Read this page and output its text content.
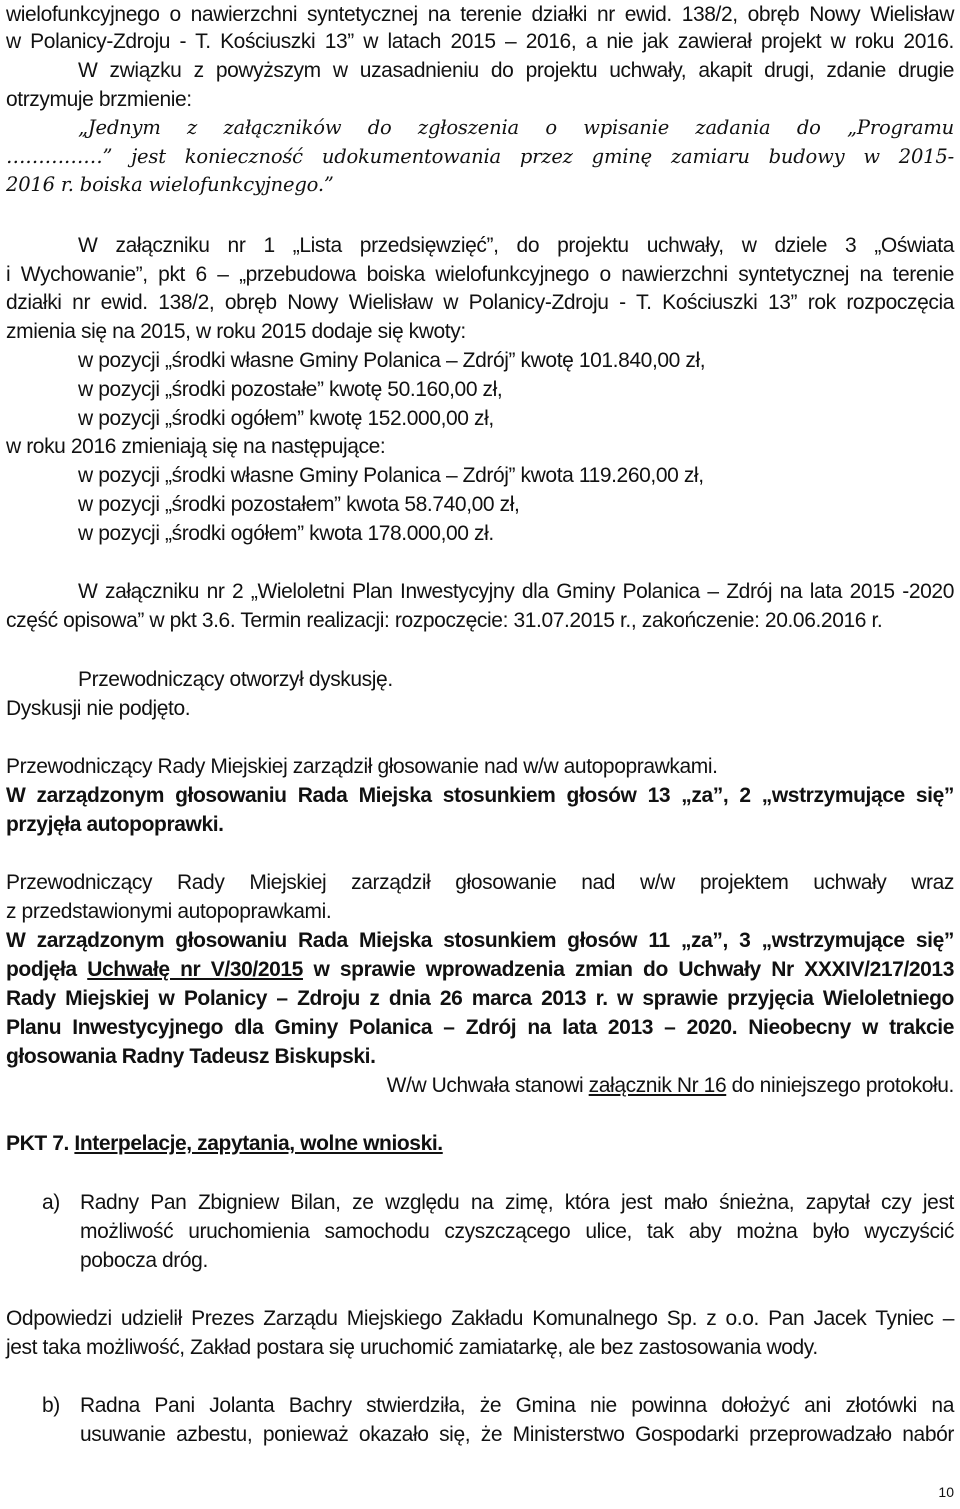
wielofunkcyjnego o nawierzchni syntetycznej na terenie działki nr ewid. 138/2, obręb Nowy Wielisław
w Polanicy-Zdroju - T. Kościuszki 13” w latach 2015 – 2016, a nie jak zawierał projekt w roku 2016.
W związku z powyższym w uzasadnieniu do projektu uchwały, akapit drugi, zdanie drugie
otrzymuje brzmienie:
„Jednym z załączników do zgłoszenia o wpisanie zadania do „Programu
……………” jest konieczność udokumentowania przez gminę zamiaru budowy w 2015-
2016 r. boiska wielofunkcyjnego.”
W załączniku nr 1 „Lista przedsięwzięć”, do projektu uchwały, w dziele 3 „Oświata
i Wychowanie”, pkt 6 – „przebudowa boiska wielofunkcyjnego o nawierzchni syntetycznej na terenie
działki nr ewid. 138/2, obręb Nowy Wielisław w Polanicy-Zdroju - T. Kościuszki 13” rok rozpoczęcia
zmienia się na 2015, w roku 2015 dodaje się kwoty:
w pozycji „środki własne Gminy Polanica – Zdrój” kwotę 101.840,00 zł,
w pozycji „środki pozostałe” kwotę 50.160,00 zł,
w pozycji „środki ogółem” kwotę 152.000,00 zł,
w roku 2016 zmieniają się na następujące:
w pozycji „środki własne Gminy Polanica – Zdrój” kwota 119.260,00 zł,
w pozycji „środki pozostałem” kwota 58.740,00 zł,
w pozycji „środki ogółem” kwota 178.000,00 zł.
W załączniku nr 2 „Wieloletni Plan Inwestycyjny dla Gminy Polanica – Zdrój na lata 2015 -2020
część opisowa” w pkt 3.6. Termin realizacji: rozpoczęcie: 31.07.2015 r., zakończenie: 20.06.2016 r.
Przewodniczący otworzył dyskusję.
Dyskusji nie podjęto.
Przewodniczący Rady Miejskiej zarządził głosowanie nad w/w autopoprawkami.
W zarządzonym głosowaniu Rada Miejska stosunkiem głosów 13 „za”, 2 „wstrzymujące się”
przyjęła autopoprawki.
Przewodniczący Rady Miejskiej zarządził głosowanie nad w/w projektem uchwały wraz
z przedstawionymi autopoprawkami.
W zarządzonym głosowaniu Rada Miejska stosunkiem głosów 11 „za”, 3 „wstrzymujące się”
podjęła Uchwałę nr V/30/2015 w sprawie wprowadzenia zmian do Uchwały Nr XXXIV/217/2013
Rady Miejskiej w Polanicy – Zdroju z dnia 26 marca 2013 r. w sprawie przyjęcia Wieloletniego
Planu Inwestycyjnego dla Gminy Polanica – Zdrój na lata 2013 – 2020. Nieobecny w trakcie
głosowania Radny Tadeusz Biskupski.
W/w Uchwała stanowi załącznik Nr 16 do niniejszego protokołu.
PKT 7. Interpelacje, zapytania, wolne wnioski.
a) Radny Pan Zbigniew Bilan, ze względu na zimę, która jest mało śnieżna, zapytał czy jest
możliwość uruchomienia samochodu czyszczącego ulice, tak aby można było wyczyścić
pobocza dróg.
Odpowiedzi udzielił Prezes Zarządu Miejskiego Zakładu Komunalnego Sp. z o.o. Pan Jacek Tyniec –
jest taka możliwość, Zakład postara się uruchomić zamiatarkę, ale bez zastosowania wody.
b) Radna Pani Jolanta Bachry stwierdziła, że Gmina nie powinna dołożyć ani złotówki na
usuwanie azbestu, ponieważ okazało się, że Ministerstwo Gospodarki przeprowadzało nabór
10
